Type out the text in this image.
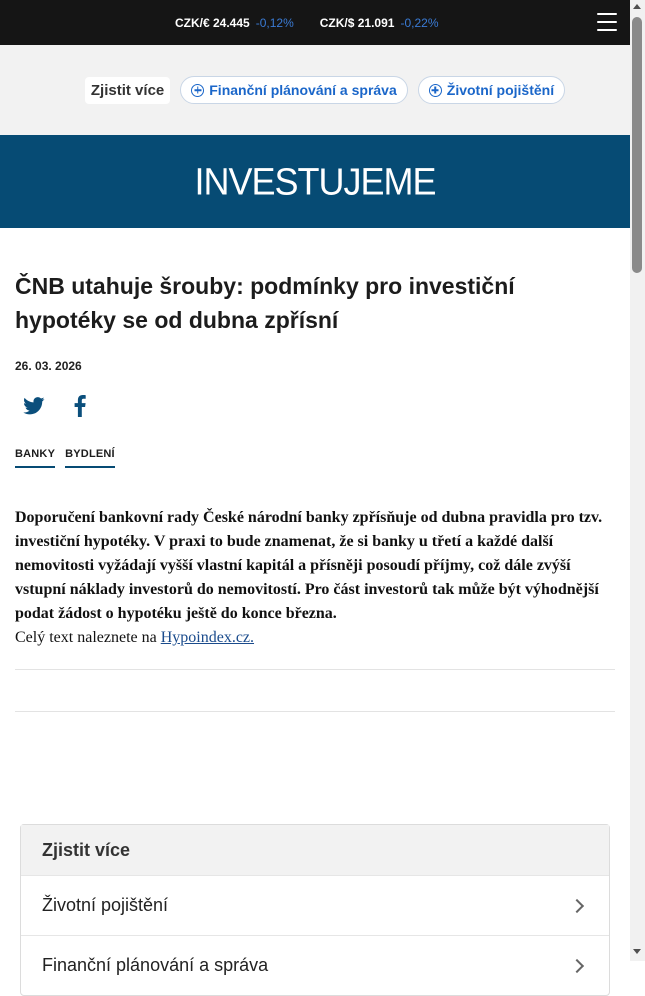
CZK/€ 24.445 -0,12% CZK/$ 21.091 -0,22%
Zjistit více	Finanční plánování a správa	Životní pojištění
INVESTUJEME
ČNB utahuje šrouby: podmínky pro investiční hypotéky se od dubna zpřísní
26. 03. 2026
BANKY BYDLENÍ

Doporučení bankovní rady České národní banky zpřísňuje od dubna pravidla pro tzv. investiční hypotéky. V praxi to bude znamenat, že si banky u třetí a každé další nemovitosti vyžádají vyšší vlastní kapitál a přísněji posoudí příjmy, což dále zvýší vstupní náklady investorů do nemovitostí. Pro část investorů tak může být výhodnější podat žádost o hypotéku ještě do konce března.

Celý text naleznete na Hypoindex.cz.

Zjistit více
Životní pojištění
Finanční plánování a správa
